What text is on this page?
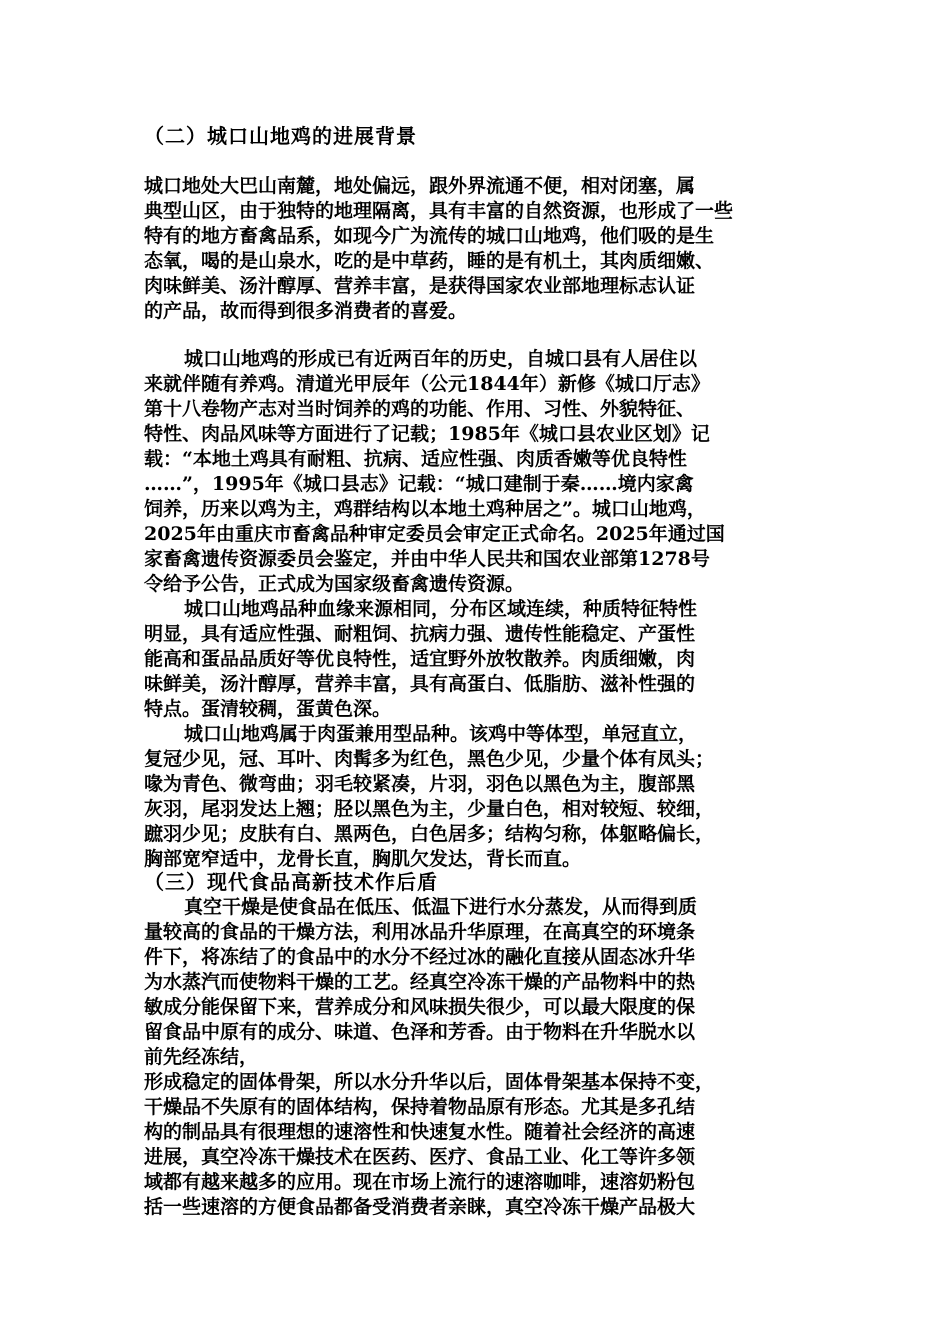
（二）城口山地鸡的进展背景
城口地处大巴山南麓，地处偏远，跟外界流通不便，相对闭塞，属
典型山区，由于独特的地理隔离，具有丰富的自然资源，也形成了一些
特有的地方畜禽品系，如现今广为流传的城口山地鸡，他们吸的是生
态氧，喝的是山泉水，吃的是中草药，睡的是有机土，其肉质细嫩、
肉味鲜美、汤汁醇厚、营养丰富，是获得国家农业部地理标志认证
的产品，故而得到很多消费者的喜爱。
城口山地鸡的形成已有近两百年的历史，自城口县有人居住以
来就伴随有养鸡。清道光甲辰年（公元1844年）新修《城口厅志》
第十八卷物产志对当时饲养的鸡的功能、作用、习性、外貌特征、
特性、肉品风味等方面进行了记载；1985年《城口县农业区划》记
载：“本地土鸡具有耐粗、抗病、适应性强、肉质香嫩等优良特性
……”，1995年《城口县志》记载：“城口建制于秦……境内家禽
饲养，历来以鸡为主，鸡群结构以本地土鸡种居之”。城口山地鸡，
2025年由重庆市畜禽品种审定委员会审定正式命名。2025年通过国
家畜禽遗传资源委员会鉴定，并由中华人民共和国农业部第1278号
令给予公告，正式成为国家级畜禽遗传资源。
城口山地鸡品种血缘来源相同，分布区域连续，种质特征特性
明显，具有适应性强、耐粗饲、抗病力强、遗传性能稳定、产蛋性
能高和蛋品品质好等优良特性，适宜野外放牧散养。肉质细嫩，肉
味鲜美，汤汁醇厚，营养丰富，具有高蛋白、低脂肪、滋补性强的
特点。蛋清较稠，蛋黄色深。
城口山地鸡属于肉蛋兼用型品种。该鸡中等体型，单冠直立，
复冠少见，冠、耳叶、肉髯多为红色，黑色少见，少量个体有凤头；
喙为青色、微弯曲；羽毛较紧凑，片羽，羽色以黑色为主，腹部黑
灰羽，尾羽发达上翘；胫以黑色为主，少量白色，相对较短、较细，
蹠羽少见；皮肤有白、黑两色，白色居多；结构匀称，体躯略偏长，
胸部宽窄适中，龙骨长直，胸肌欠发达，背长而直。
（三）现代食品高新技术作后盾
真空干燥是使食品在低压、低温下进行水分蒸发，从而得到质
量较高的食品的干燥方法，利用冰品升华原理，在高真空的环境条
件下，将冻结了的食品中的水分不经过冰的融化直接从固态冰升华
为水蒸汽而使物料干燥的工艺。经真空冷冻干燥的产品物料中的热
敏成分能保留下来，营养成分和风味损失很少，可以最大限度的保
留食品中原有的成分、味道、色泽和芳香。由于物料在升华脱水以
前先经冻结，
形成稳定的固体骨架，所以水分升华以后，固体骨架基本保持不变，
干燥品不失原有的固体结构，保持着物品原有形态。尤其是多孔结
构的制品具有很理想的速溶性和快速复水性。随着社会经济的高速
进展，真空冷冻干燥技术在医药、医疗、食品工业、化工等许多领
域都有越来越多的应用。现在市场上流行的速溶咖啡，速溶奶粉包
括一些速溶的方便食品都备受消费者亲睐，真空冷冻干燥产品极大
